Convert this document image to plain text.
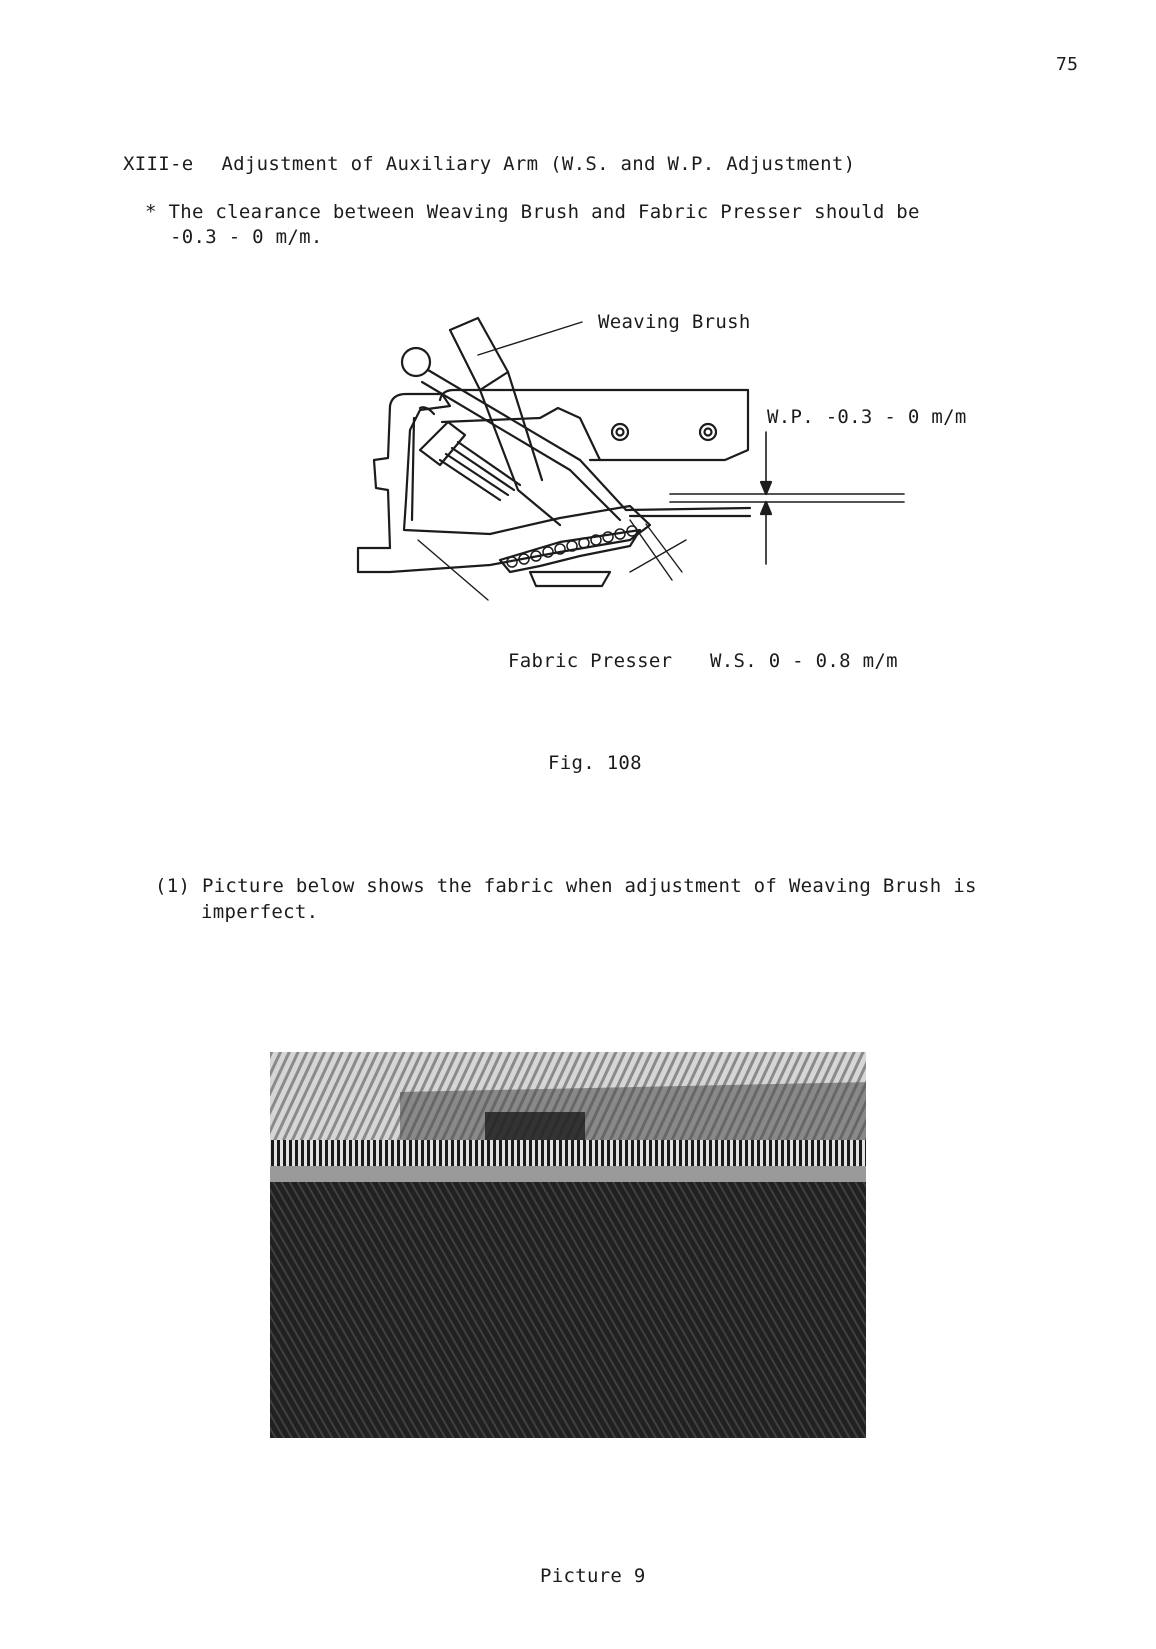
75
XIII-e Adjustment of Auxiliary Arm (W.S. and W.P. Adjustment)
* The clearance between Weaving Brush and Fabric Presser should be
-0.3 - 0 m/m.
Weaving Brush
W.P. -0.3 - 0 m/m
Fabric Presser W.S. 0 - 0.8 m/m
Fig. 108
(1) Picture below shows the fabric when adjustment of Weaving Brush is
imperfect.
Picture 9
